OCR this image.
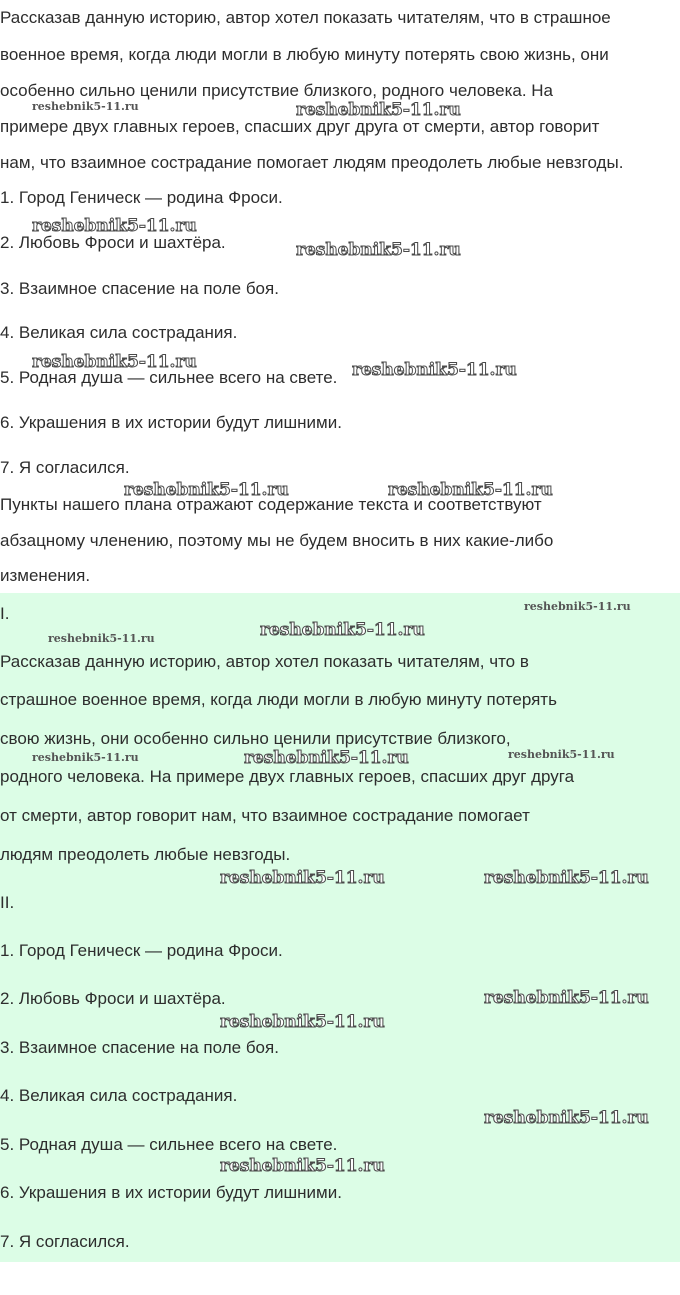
Рассказав данную историю, автор хотел показать читателям, что в страшное
военное время, когда люди могли в любую минуту потерять свою жизнь, они
особенно сильно ценили присутствие близкого, родного человека. На
примере двух главных героев, спасших друг друга от смерти, автор говорит
нам, что взаимное сострадание помогает людям преодолеть любые невзгоды.
1. Город Геническ — родина Фроси.
2. Любовь Фроси и шахтёра.
3. Взаимное спасение на поле боя.
4. Великая сила сострадания.
5. Родная душа — сильнее всего на свете.
6. Украшения в их истории будут лишними.
7. Я согласился.
Пункты нашего плана отражают содержание текста и соответствуют
абзацному членению, поэтому мы не будем вносить в них какие-либо
изменения.
I.
Рассказав данную историю, автор хотел показать читателям, что в
страшное военное время, когда люди могли в любую минуту потерять
свою жизнь, они особенно сильно ценили присутствие близкого,
родного человека. На примере двух главных героев, спасших друг друга
от смерти, автор говорит нам, что взаимное сострадание помогает
людям преодолеть любые невзгоды.
II.
1. Город Геническ — родина Фроси.
2. Любовь Фроси и шахтёра.
3. Взаимное спасение на поле боя.
4. Великая сила сострадания.
5. Родная душа — сильнее всего на свете.
6. Украшения в их истории будут лишними.
7. Я согласился.
reshebnik5-11.ru	reshebnik5-11.ru
reshebnik5-11.ru
reshebnik5-11.ru
reshebnik5-11.ru	reshebnik5-11.ru
reshebnik5-11.ru	reshebnik5-11.ru
reshebnik5-11.ru
reshebnik5-11.ru	reshebnik5-11.ru
reshebnik5-11.ru	reshebnik5-11.ru	reshebnik5-11.ru
reshebnik5-11.ru	reshebnik5-11.ru
reshebnik5-11.ru
reshebnik5-11.ru
reshebnik5-11.ru
reshebnik5-11.ru
